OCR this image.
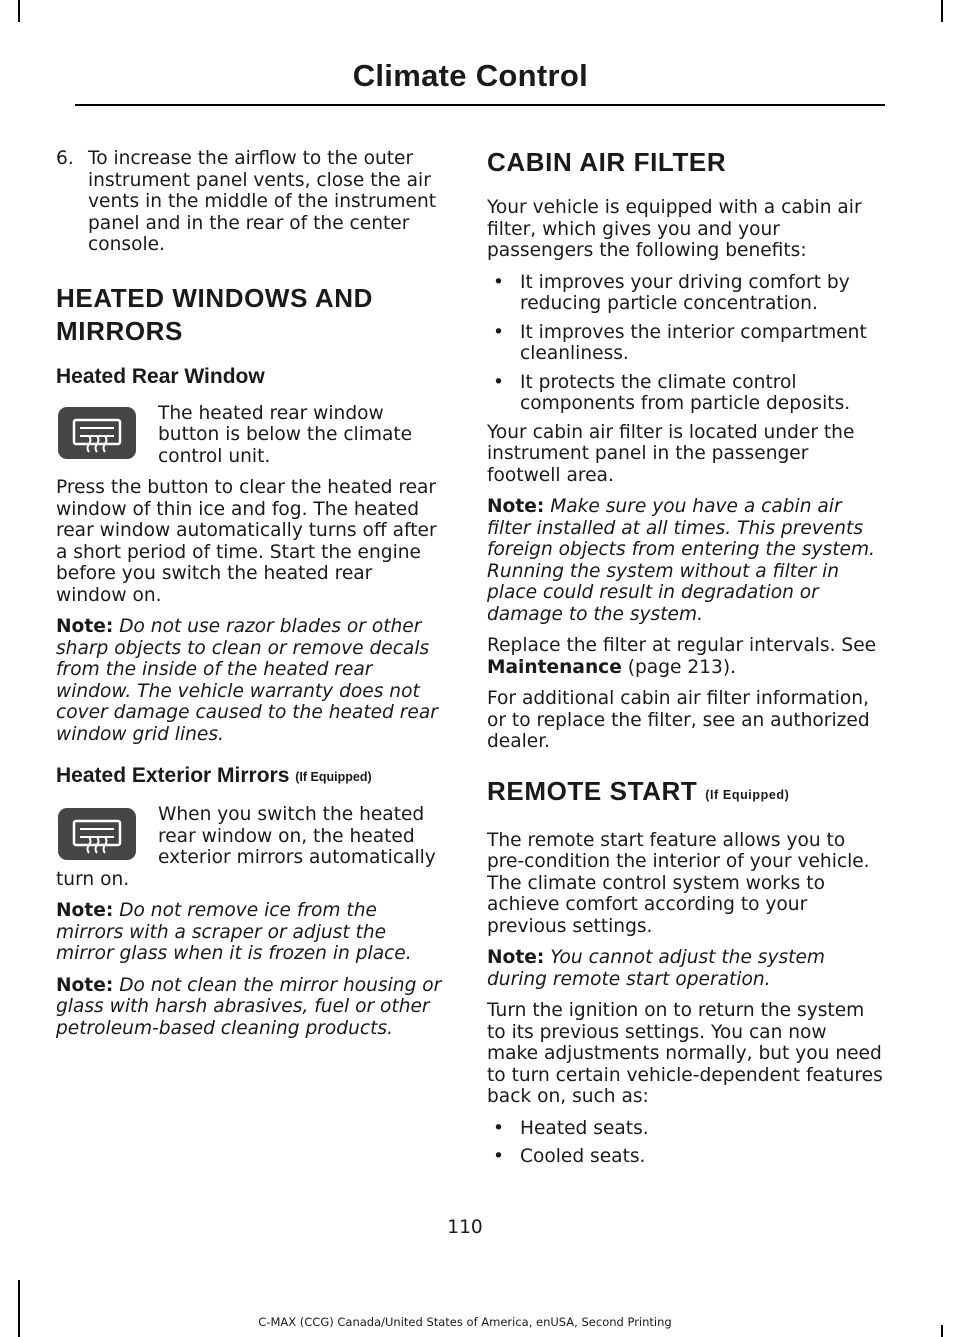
Climate Control
6. To increase the airflow to the outer instrument panel vents, close the air vents in the middle of the instrument panel and in the rear of the center console.
HEATED WINDOWS AND
MIRRORS
Heated Rear Window

The heated rear window button is below the climate control unit.

Press the button to clear the heated rear window of thin ice and fog. The heated rear window automatically turns off after a short period of time. Start the engine before you switch the heated rear window on.

Note: Do not use razor blades or other sharp objects to clean or remove decals from the inside of the heated rear window. The vehicle warranty does not cover damage caused to the heated rear window grid lines.

Heated Exterior Mirrors (If Equipped)

When you switch the heated rear window on, the heated exterior mirrors automatically turn on.

Note: Do not remove ice from the mirrors with a scraper or adjust the mirror glass when it is frozen in place.

Note: Do not clean the mirror housing or glass with harsh abrasives, fuel or other petroleum-based cleaning products.

CABIN AIR FILTER

Your vehicle is equipped with a cabin air filter, which gives you and your passengers the following benefits:

• It improves your driving comfort by reducing particle concentration.
• It improves the interior compartment cleanliness.
• It protects the climate control components from particle deposits.

Your cabin air filter is located under the instrument panel in the passenger footwell area.

Note: Make sure you have a cabin air filter installed at all times. This prevents foreign objects from entering the system. Running the system without a filter in place could result in degradation or damage to the system.

Replace the filter at regular intervals. See Maintenance (page 213).

For additional cabin air filter information, or to replace the filter, see an authorized dealer.

REMOTE START (If Equipped)

The remote start feature allows you to pre-condition the interior of your vehicle. The climate control system works to achieve comfort according to your previous settings.

Note: You cannot adjust the system during remote start operation.

Turn the ignition on to return the system to its previous settings. You can now make adjustments normally, but you need to turn certain vehicle-dependent features back on, such as:

• Heated seats.
• Cooled seats.
110
C-MAX (CCG) Canada/United States of America, enUSA, Second Printing
